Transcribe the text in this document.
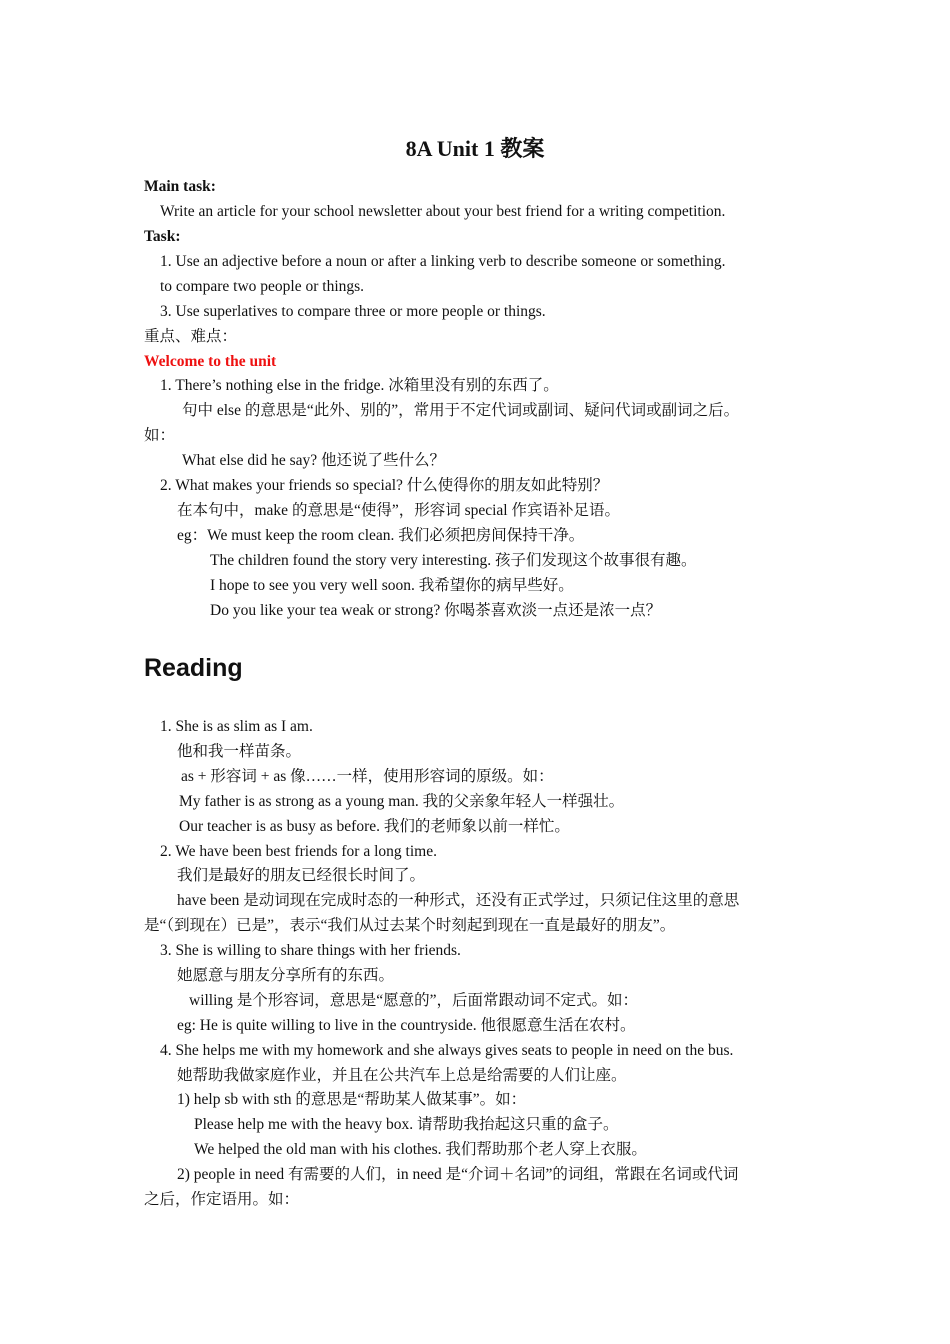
8A Unit 1 教案
Main task:
Write an article for your school newsletter about your best friend for a writing competition.
Task:
1. Use an adjective before a noun or after a linking verb to describe someone or something.
to compare two people or things.
3. Use superlatives to compare three or more people or things.
重点、难点：
Welcome to the unit
1. There’s nothing else in the fridge. 冰箱里没有别的东西了。
句中 else 的意思是“此外、别的”，常用于不定代词或副词、疑问代词或副词之后。
如：
What else did he say? 他还说了些什么？
2. What makes your friends so special? 什么使得你的朋友如此特别？
在本句中，make 的意思是“使得”，形容词 special 作宾语补足语。
eg：We must keep the room clean. 我们必须把房间保持干净。
The children found the story very interesting. 孩子们发现这个故事很有趣。
I hope to see you very well soon. 我希望你的病早些好。
Do you like your tea weak or strong? 你喝茶喜欢淡一点还是浓一点？
Reading
1. She is as slim as I am.
他和我一样苗条。
as + 形容词 + as 像……一样，使用形容词的原级。如：
My father is as strong as a young man. 我的父亲象年轻人一样强壮。
Our teacher is as busy as before. 我们的老师象以前一样忙。
2. We have been best friends for a long time.
我们是最好的朋友已经很长时间了。
have been 是动词现在完成时态的一种形式，还没有正式学过，只须记住这里的意思
是“（到现在）已是”，表示“我们从过去某个时刻起到现在一直是最好的朋友”。
3. She is willing to share things with her friends.
她愿意与朋友分享所有的东西。
willing 是个形容词，意思是“愿意的”，后面常跟动词不定式。如：
eg: He is quite willing to live in the countryside. 他很愿意生活在农村。
4. She helps me with my homework and she always gives seats to people in need on the bus.
她帮助我做家庭作业，并且在公共汽车上总是给需要的人们让座。
1) help sb with sth 的意思是“帮助某人做某事”。如：
Please help me with the heavy box. 请帮助我抬起这只重的盒子。
We helped the old man with his clothes. 我们帮助那个老人穿上衣服。
2) people in need 有需要的人们，in need 是“介词＋名词”的词组，常跟在名词或代词
之后，作定语用。如：
